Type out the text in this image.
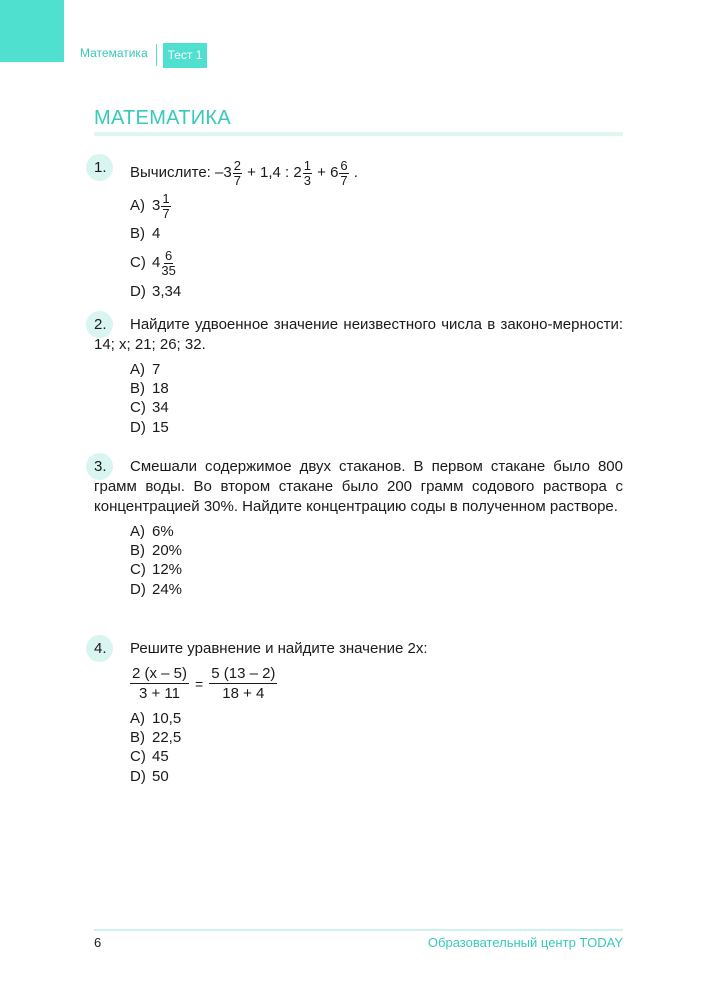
Математика	Тест 1
МАТЕМАТИКА
1. Вычислите: $-3 \frac{2}{7} + 1,4$ : $2 \frac{1}{3} + 6 \frac{6}{7}$ .
A) $3 \frac{1}{7}$
B) 4
C) $4 \frac{6}{35}$
D) 3,34
2.	Найдите удвоенное значение неизвестного числа в законо-мерности: 14; x; 21; 26; 32.
A) 7
B) 18
C) 34
D) 15
3.	Смешали содержимое двух стаканов. В первом стакане было 800 грамм воды. Во втором стакане было 200 грамм содового раствора с концентрацией 30%. Найдите концентрацию соды в полученном растворе.
A) 6%
B) 20%
C) 12%
D) 24%
4. Решите уравнение и найдите значение 2x:
$\frac{2 (x - 5)}{3 + 11} = \frac{5 (13 - 2)}{18 + 4}$
A) 10,5
B) 22,5
C) 45
D) 50
6	Образовательный центр TODAY
